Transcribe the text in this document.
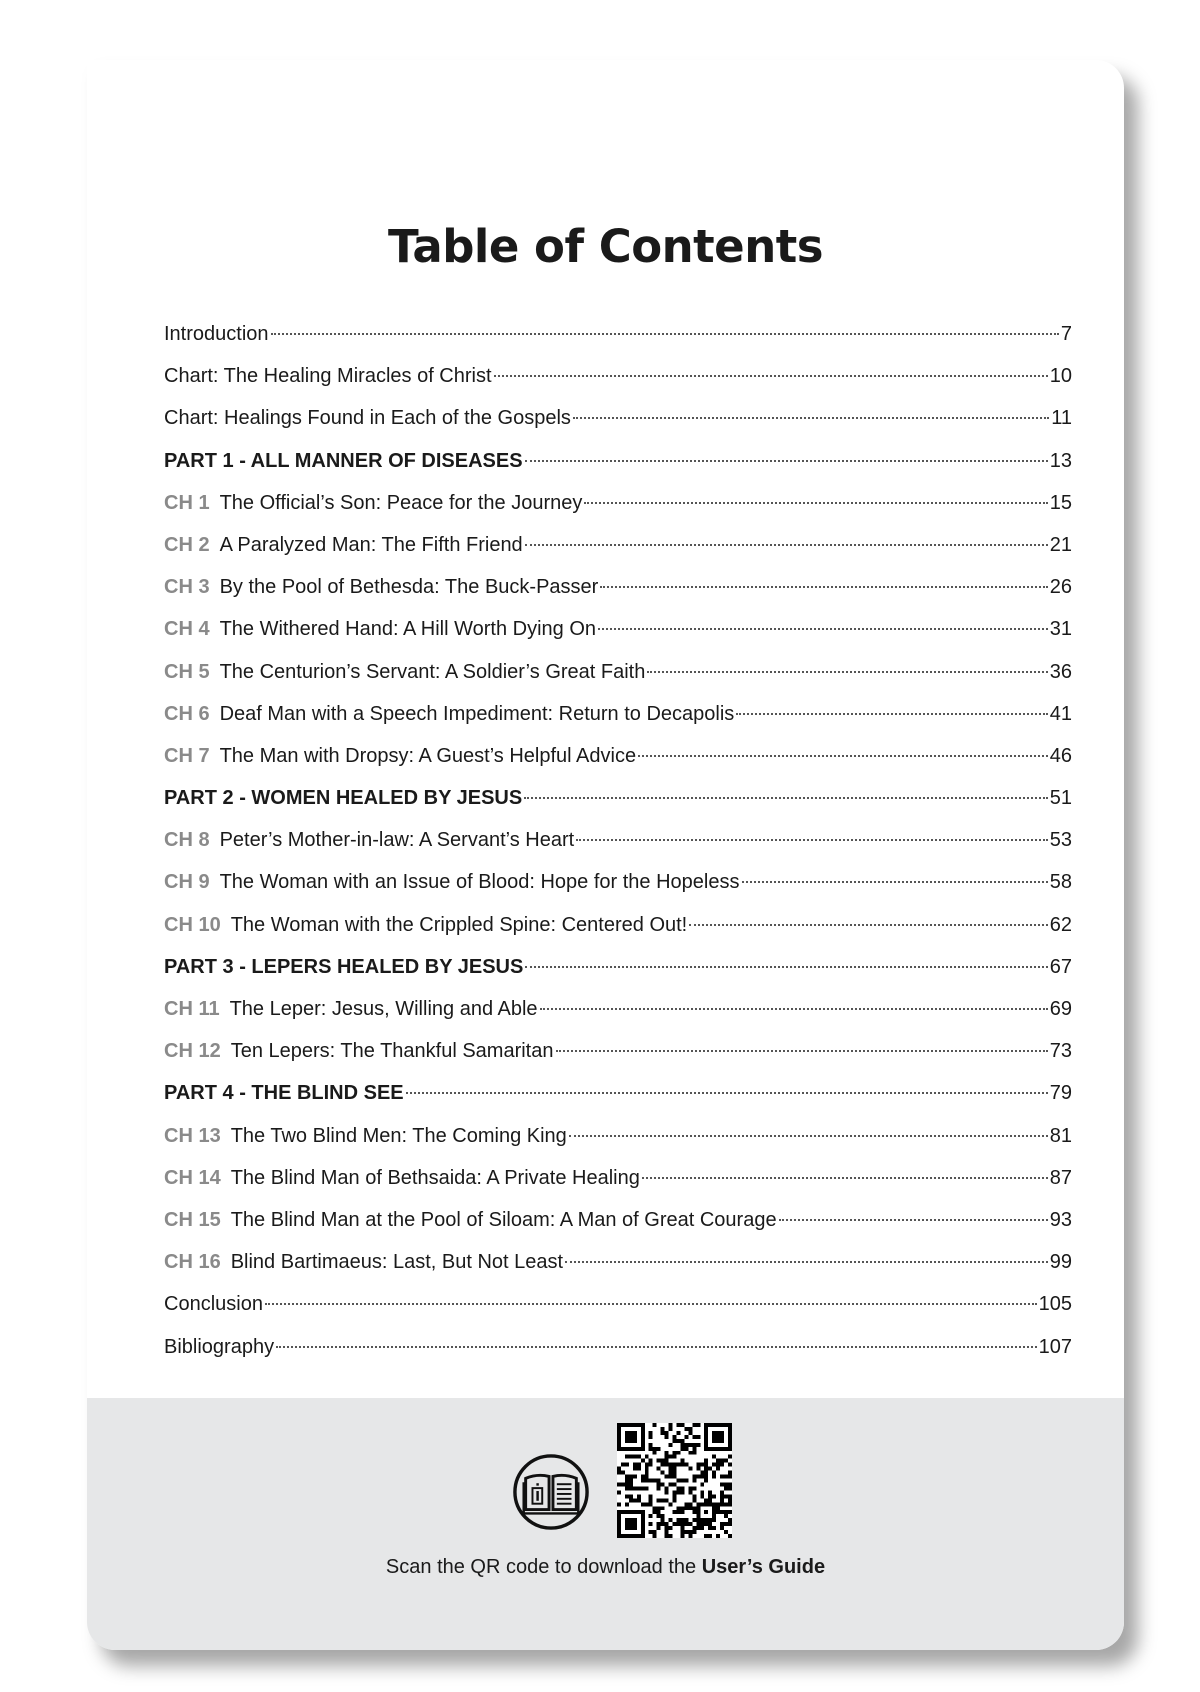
Table of Contents
Introduction	7
Chart: The Healing Miracles of Christ	10
Chart: Healings Found in Each of the Gospels	11
PART 1 - ALL MANNER OF DISEASES	13
CH 1 The Official’s Son: Peace for the Journey	15
CH 2 A Paralyzed Man: The Fifth Friend	21
CH 3 By the Pool of Bethesda: The Buck-Passer	26
CH 4 The Withered Hand: A Hill Worth Dying On	31
CH 5 The Centurion’s Servant: A Soldier’s Great Faith	36
CH 6 Deaf Man with a Speech Impediment: Return to Decapolis	41
CH 7 The Man with Dropsy: A Guest’s Helpful Advice	46
PART 2 - WOMEN HEALED BY JESUS	51
CH 8 Peter’s Mother-in-law: A Servant’s Heart	53
CH 9 The Woman with an Issue of Blood: Hope for the Hopeless	58
CH 10 The Woman with the Crippled Spine: Centered Out!	62
PART 3 - LEPERS HEALED BY JESUS	67
CH 11 The Leper: Jesus, Willing and Able	69
CH 12 Ten Lepers: The Thankful Samaritan	73
PART 4 - THE BLIND SEE	79
CH 13 The Two Blind Men: The Coming King	81
CH 14 The Blind Man of Bethsaida: A Private Healing	87
CH 15 The Blind Man at the Pool of Siloam: A Man of Great Courage	93
CH 16 Blind Bartimaeus: Last, But Not Least	99
Conclusion	105
Bibliography	107
Scan the QR code to download the User’s Guide
